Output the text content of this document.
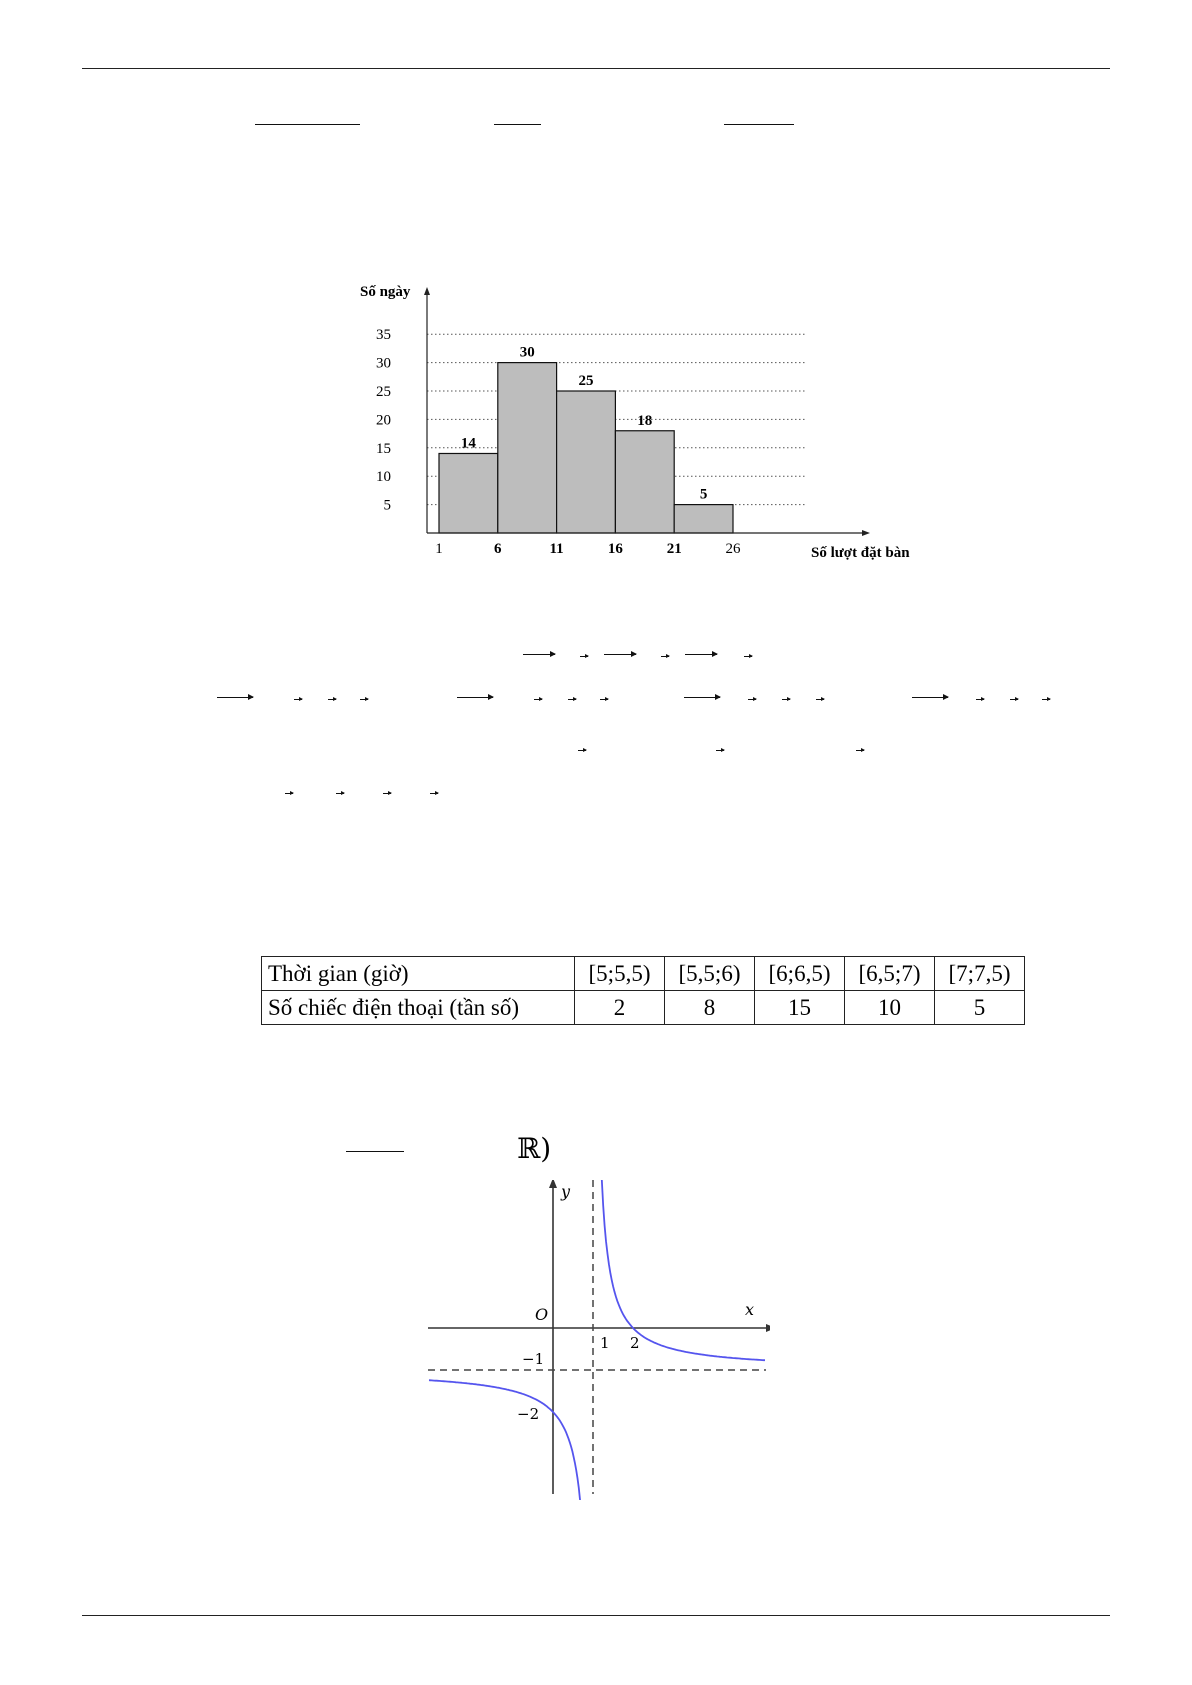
5
10
15
20
25
30
35
1	6	11	16	21	26
14
30
25
18
5
Số ngày
Số lượt đặt bàn
Thời gian (giờ)	[5;5,5)	[5,5;6)	[6;6,5)	[6,5;7)	[7;7,5)
Số chiếc điện thoại (tần số)	2	8	15	10	5
ℝ)
y
x
O
1 2
−1
−2
